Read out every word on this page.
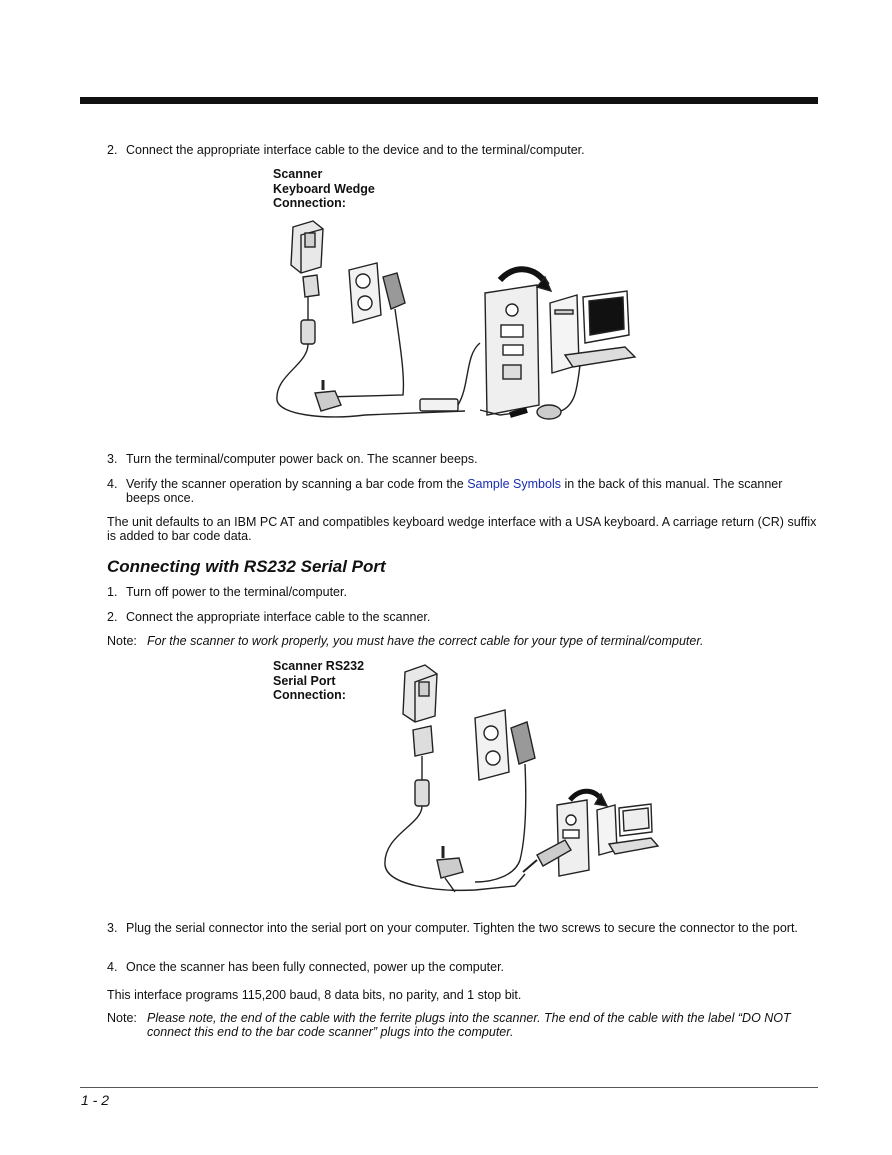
2. Connect the appropriate interface cable to the device and to the terminal/computer.
Scanner
Keyboard Wedge
Connection:
3. Turn the terminal/computer power back on. The scanner beeps.
4. Verify the scanner operation by scanning a bar code from the Sample Symbols in the back of this manual. The scanner beeps once.
The unit defaults to an IBM PC AT and compatibles keyboard wedge interface with a USA keyboard. A carriage return (CR) suffix is added to bar code data.
Connecting with RS232 Serial Port
1. Turn off power to the terminal/computer.
2. Connect the appropriate interface cable to the scanner.
Note: For the scanner to work properly, you must have the correct cable for your type of terminal/computer.
Scanner RS232
Serial Port
Connection:
3. Plug the serial connector into the serial port on your computer. Tighten the two screws to secure the connector to the port.
4. Once the scanner has been fully connected, power up the computer.
This interface programs 115,200 baud, 8 data bits, no parity, and 1 stop bit.
Note: Please note, the end of the cable with the ferrite plugs into the scanner. The end of the cable with the label “DO NOT connect this end to the bar code scanner” plugs into the computer.
1 - 2
